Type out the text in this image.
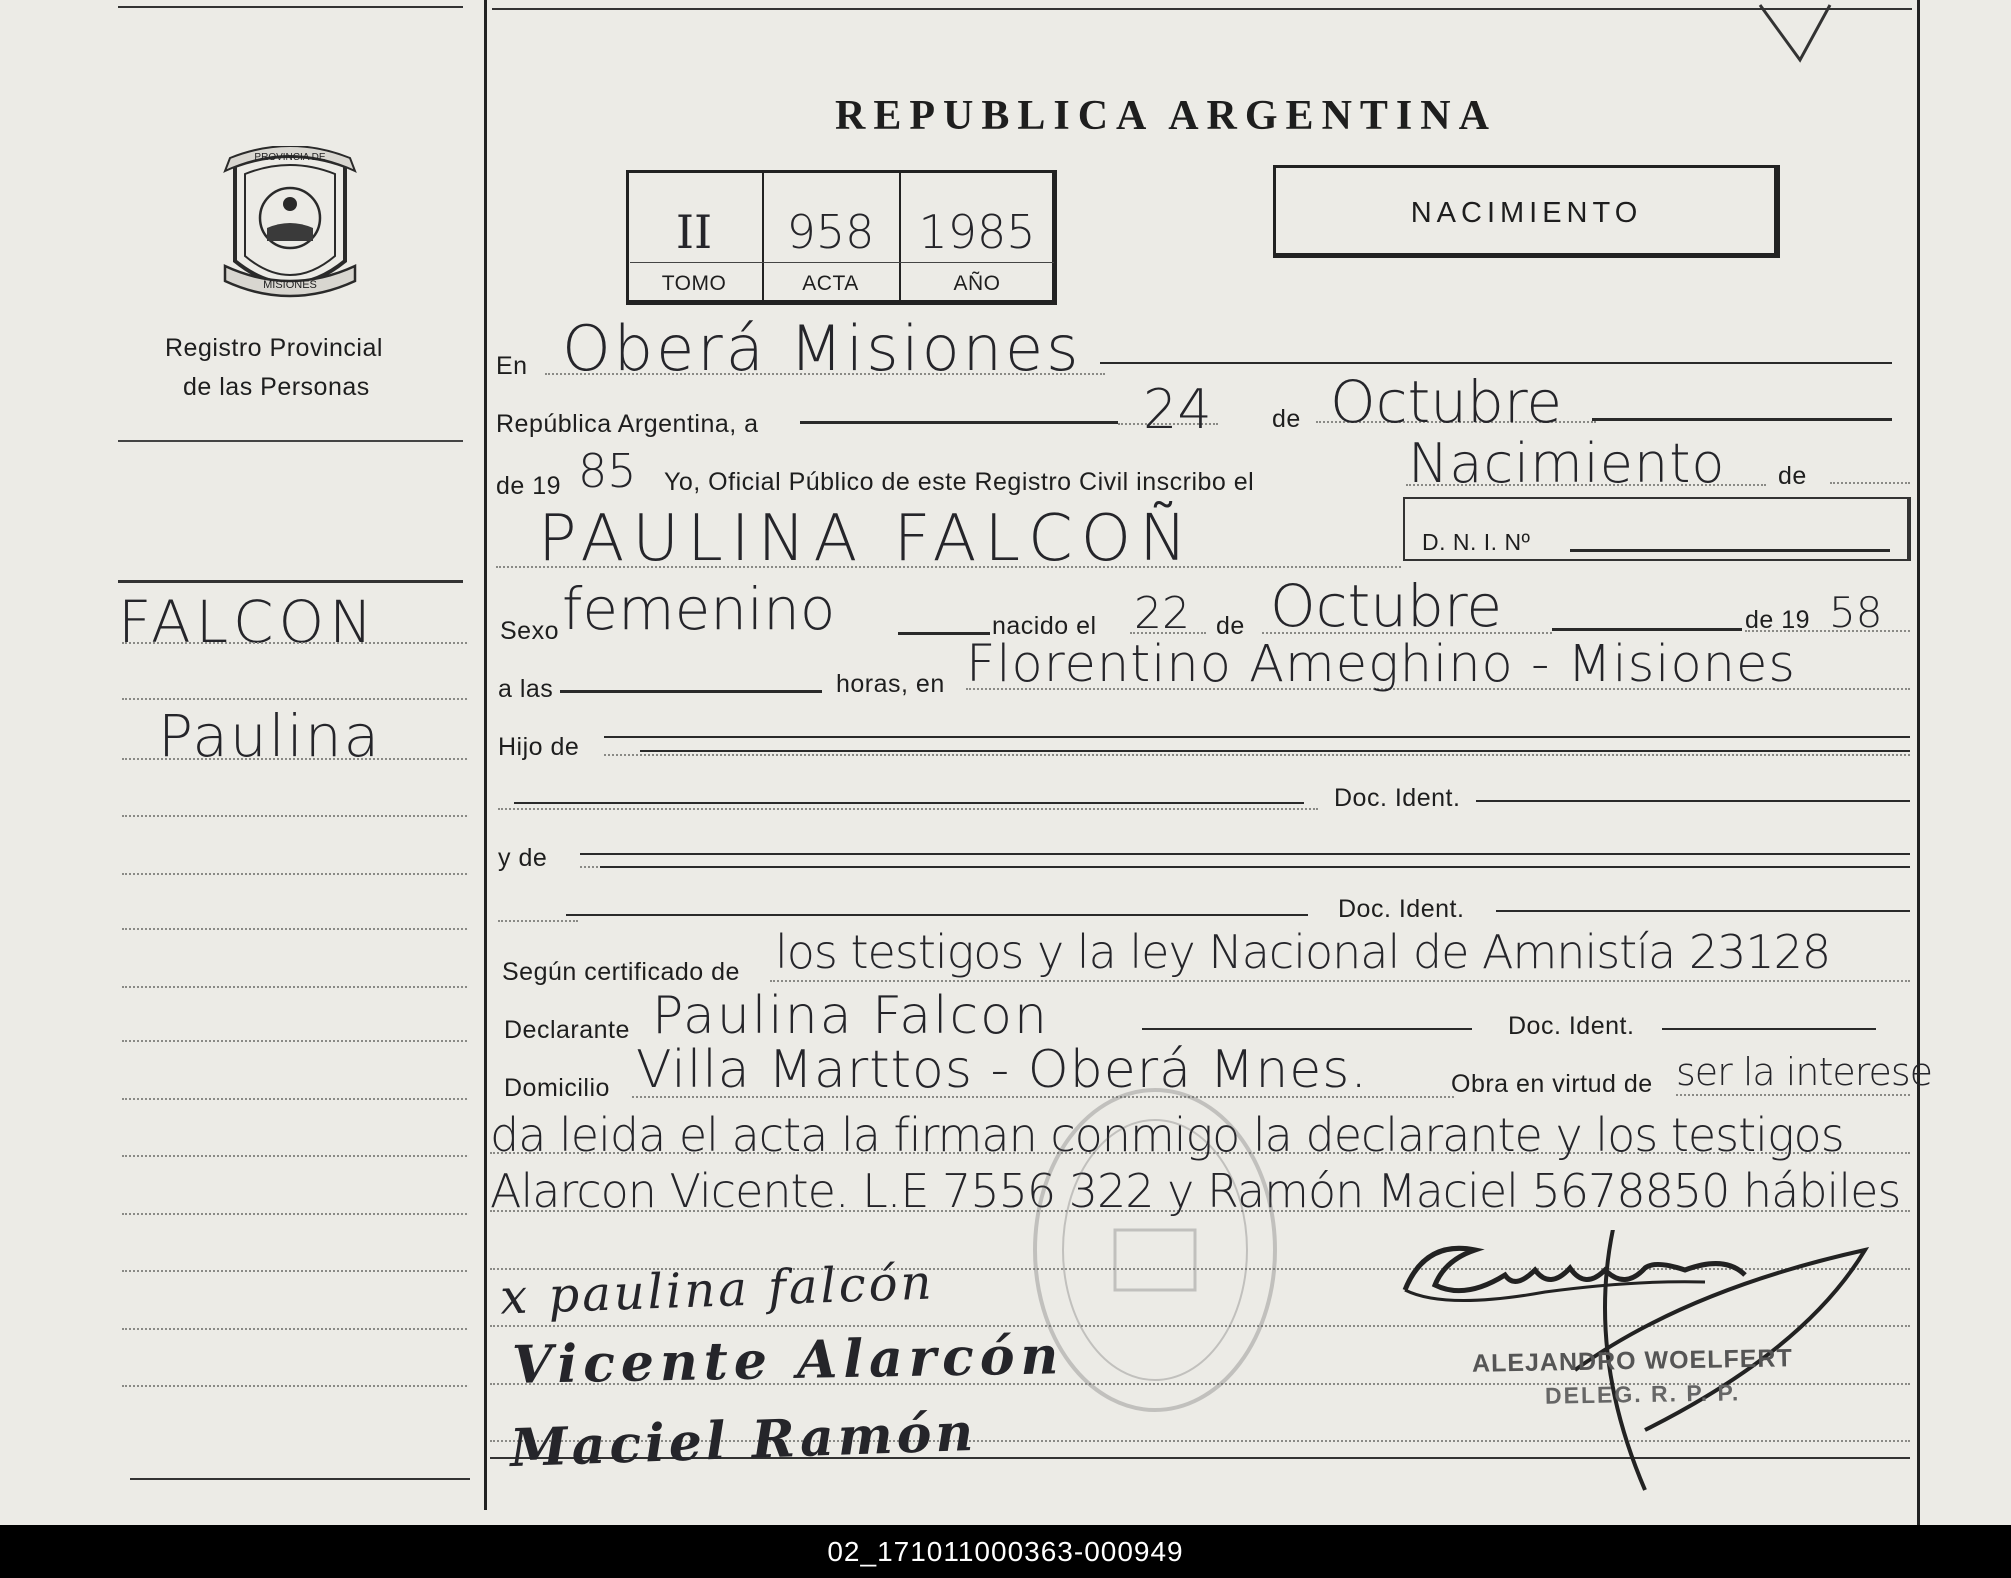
PROVINCIA DE
MISIONES
Registro Provincial
de las Personas
REPUBLICA ARGENTINA
NACIMIENTO
II	958 1985
TOMO	ACTA	AÑO
FALCON
Paulina
En Oberá Misiones
República Argentina, a	24 de Octubre
de 19 85 Yo, Oficial Público de este Registro Civil inscribo el	Nacimiento de
PAULINA FALCOÑ	D. N. I. Nº
Sexo femenino	nacido el 22 de Octubre	de 19 58
a las	horas, en Florentino Ameghino - Misiones
Hijo de
Doc. Ident.
y de
Doc. Ident.
Según certificado de los testigos y la ley Nacional de Amnistía 23128
Declarante Paulina Falcon	Doc. Ident.
Domicilio Villa Marttos - Oberá Mnes.	Obra en virtud de ser la interese
da leida el acta la firman conmigo la declarante y los testigos
Alarcon Vicente. L.E 7556 322 y Ramón Maciel 5678850 hábiles
x paulina falcón
Vicente Alarcón
Maciel Ramón
ALEJANDRO WOELFERT
DELEG. R. P. P.
02_171011000363-000949
